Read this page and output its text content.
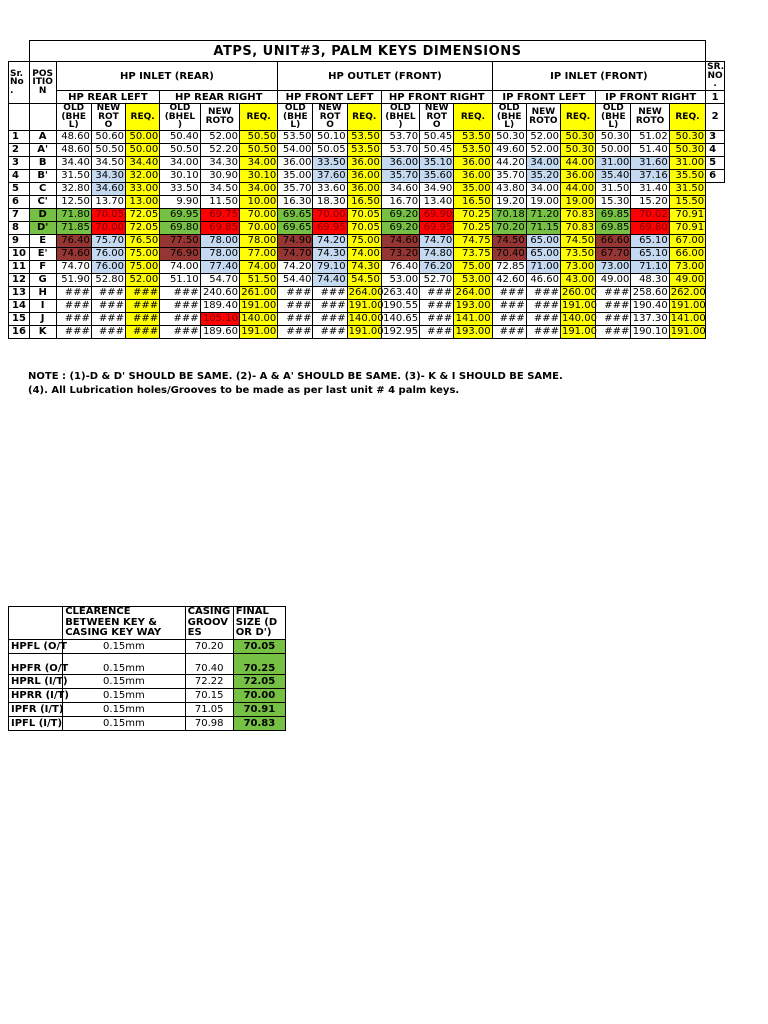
	ATPS, UNIT#3, PALM KEYS DIMENSIONS																			
Sr. No .	POS ITIO N	HP INLET (REAR)						HP OUTLET (FRONT)						IP INLET (FRONT)						SR. NO .
		HP REAR LEFT			HP REAR RIGHT			HP FRONT LEFT			HP FRONT RIGHT			IP FRONT LEFT			IP FRONT RIGHT			1
		OLD (BHE L)	NEW ROT O	REQ.	OLD (BHEL )	NEW ROTO	REQ.	OLD (BHE L)	NEW ROT O	REQ.	OLD (BHEL )	NEW ROT O	REQ.	OLD (BHE L)	NEW ROTO	REQ.	OLD (BHE L)	NEW ROTO	REQ.	2
1	A	48.60	50.60	50.00	50.40	52.00	50.50	53.50	50.10	53.50	53.70	50.45	53.50	50.30	52.00	50.30	50.30	51.02	50.30	3
2	A'	48.60	50.50	50.00	50.50	52.20	50.50	54.00	50.05	53.50	53.70	50.45	53.50	49.60	52.00	50.30	50.00	51.40	50.30	4
3	B	34.40	34.50	34.40	34.00	34.30	34.00	36.00	33.50	36.00	36.00	35.10	36.00	44.20	34.00	44.00	31.00	31.60	31.00	5
4	B'	31.50	34.30	32.00	30.10	30.90	30.10	35.00	37.60	36.00	35.70	35.60	36.00	35.70	35.20	36.00	35.40	37.16	35.50	6
5	C	32.80	34.60	33.00	33.50	34.50	34.00	35.70	33.60	36.00	34.60	34.90	35.00	43.80	34.00	44.00	31.50	31.40	31.50	
6	C'	12.50	13.70	13.00	9.90	11.50	10.00	16.30	18.30	16.50	16.70	13.40	16.50	19.20	19.00	19.00	15.30	15.20	15.50	
7	D	71.80	70.05	72.05	69.95	69.75	70.00	69.65	70.00	70.05	69.20	69.90	70.25	70.18	71.20	70.83	69.85	70.02	70.91	
8	D'	71.85	70.00	72.05	69.80	69.85	70.00	69.65	69.95	70.05	69.20	69.95	70.25	70.20	71.15	70.83	69.85	69.80	70.91	
9	E	76.40	75.70	76.50	77.50	78.00	78.00	74.90	74.20	75.00	74.60	74.70	74.75	74.50	65.00	74.50	66.60	65.10	67.00	
10	E'	74.60	76.00	75.00	76.90	78.00	77.00	74.70	74.30	74.00	73.20	74.80	73.75	70.40	65.00	73.50	67.70	65.10	66.00	
11	F	74.70	76.00	75.00	74.00	77.40	74.00	74.20	79.10	74.30	76.40	76.20	75.00	72.85	71.00	73.00	73.00	71.10	73.00	
12	G	51.90	52.80	52.00	51.10	54.70	51.50	54.40	74.40	54.50	53.00	52.70	53.00	42.60	46.60	43.00	49.00	48.30	49.00	
13	H	###	###	###	###	240.60	261.00	###	###	264.00	263.40	###	264.00	###	###	260.00	###	258.60	262.00	
14	I	###	###	###	###	189.40	191.00	###	###	191.00	190.55	###	193.00	###	###	191.00	###	190.40	191.00	
15	J	###	###	###	###	105.10	140.00	###	###	140.00	140.65	###	141.00	###	###	140.00	###	137.30	141.00	
16	K	###	###	###	###	189.60	191.00	###	###	191.00	192.95	###	193.00	###	###	191.00	###	190.10	191.00	
NOTE : (1)-D & D' SHOULD BE SAME. (2)- A & A' SHOULD BE SAME. (3)- K & I SHOULD BE SAME.
(4). All Lubrication holes/Grooves to be made as per last unit # 4 palm keys.
	CLEARENCE BETWEEN KEY & CASING KEY WAY	CASING GROOV ES	FINAL SIZE (D OR D')
HPFL (O/T	0.15mm	70.20	70.05
HPFR (O/T	0.15mm	70.40	70.25
HPRL (I/T)	0.15mm	72.22	72.05
HPRR (I/T)	0.15mm	70.15	70.00
IPFR (I/T)	0.15mm	71.05	70.91
IPFL (I/T)	0.15mm	70.98	70.83
